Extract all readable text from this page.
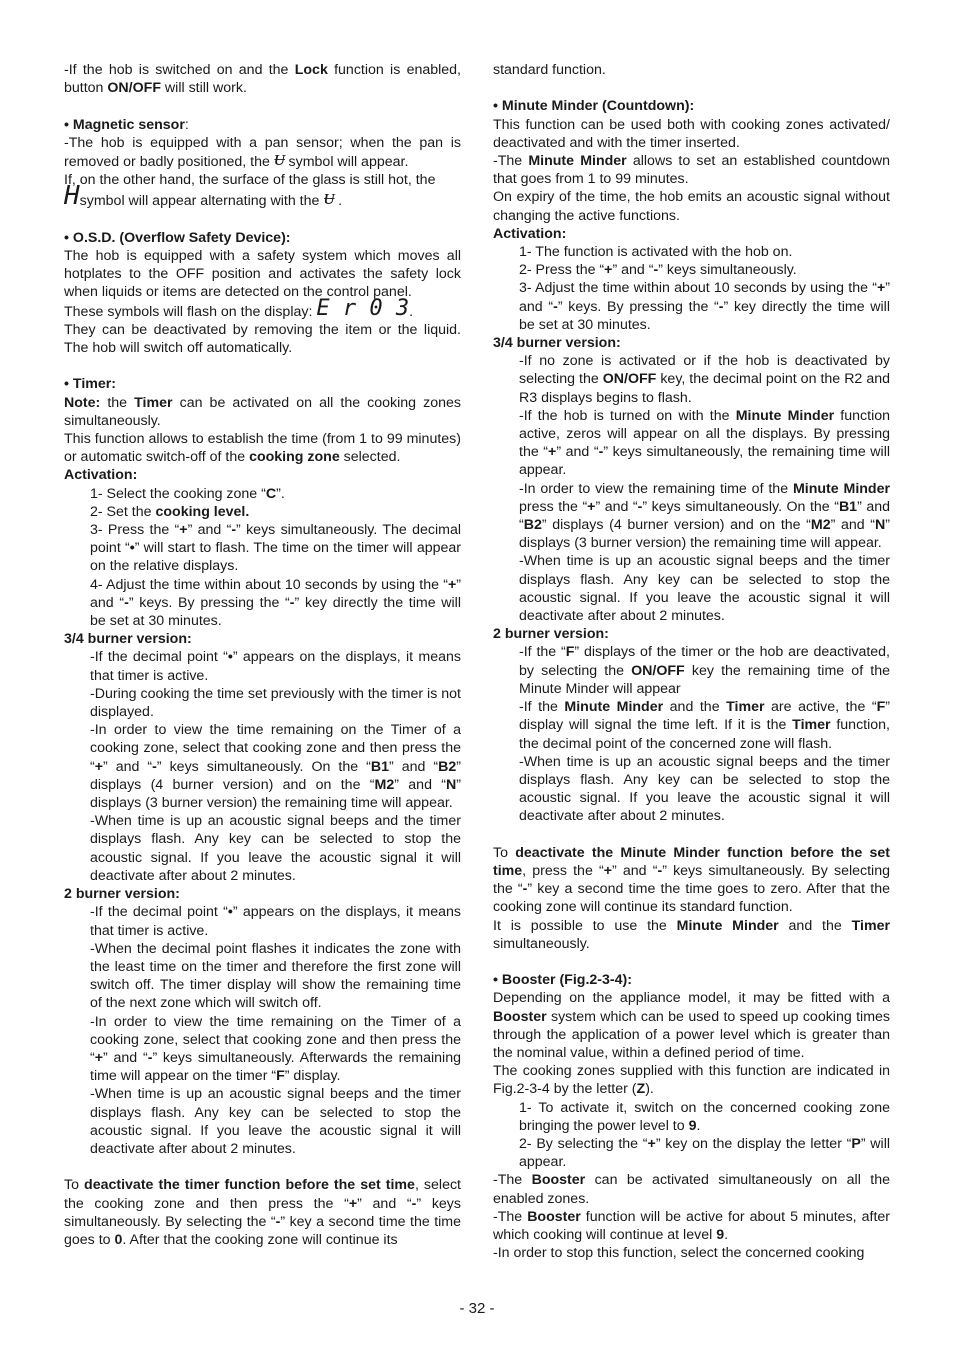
-If the hob is switched on and the Lock function is enabled, button ON/OFF will still work.

• Magnetic sensor:

-The hob is equipped with a pan sensor; when the pan is removed or badly positioned, the ᵾ symbol will appear.

If, on the other hand, the surface of the glass is still hot, the
Hsymbol will appear alternating with the ᵾ .

• O.S.D. (Overflow Safety Device):

The hob is equipped with a safety system which moves all hotplates to the OFF position and activates the safety lock when liquids or items are detected on the control panel.

These symbols will flash on the display: E r 0 3.

They can be deactivated by removing the item or the liquid. The hob will switch off automatically.

• Timer:

Note: the Timer can be activated on all the cooking zones simultaneously.

This function allows to establish the time (from 1 to 99 minutes) or automatic switch-off of the cooking zone selected.

Activation:

1- Select the cooking zone “C”.

2- Set the cooking level.

3- Press the “+” and “-” keys simultaneously. The decimal point “•” will start to flash. The time on the timer will appear on the relative displays.

4- Adjust the time within about 10 seconds by using the “+” and “-” keys. By pressing the “-” key directly the time will be set at 30 minutes.

3/4 burner version:

-If the decimal point “•” appears on the displays, it means that timer is active.

-During cooking the time set previously with the timer is not displayed.

-In order to view the time remaining on the Timer of a cooking zone, select that cooking zone and then press the “+” and “-” keys simultaneously. On the “B1” and “B2” displays (4 burner version) and on the “M2” and “N” displays (3 burner version) the remaining time will appear.

-When time is up an acoustic signal beeps and the timer displays flash. Any key can be selected to stop the acoustic signal. If you leave the acoustic signal it will deactivate after about 2 minutes.

2 burner version:

-If the decimal point “•” appears on the displays, it means that timer is active.

-When the decimal point flashes it indicates the zone with the least time on the timer and therefore the first zone will switch off. The timer display will show the remaining time of the next zone which will switch off.

-In order to view the time remaining on the Timer of a cooking zone, select that cooking zone and then press the “+” and “-” keys simultaneously. Afterwards the remaining time will appear on the timer “F” display.

-When time is up an acoustic signal beeps and the timer displays flash. Any key can be selected to stop the acoustic signal. If you leave the acoustic signal it will deactivate after about 2 minutes.

To deactivate the timer function before the set time, select the cooking zone and then press the “+” and “-” keys simultaneously. By selecting the “-” key a second time the time goes to 0. After that the cooking zone will continue its

standard function.

• Minute Minder (Countdown):

This function can be used both with cooking zones activated/ deactivated and with the timer inserted.

-The Minute Minder allows to set an established countdown that goes from 1 to 99 minutes.

On expiry of the time, the hob emits an acoustic signal without changing the active functions.

Activation:

1- The function is activated with the hob on.

2- Press the “+” and “-” keys simultaneously.

3- Adjust the time within about 10 seconds by using the “+” and “-” keys. By pressing the “-” key directly the time will be set at 30 minutes.

3/4 burner version:

-If no zone is activated or if the hob is deactivated by selecting the ON/OFF key, the decimal point on the R2 and R3 displays begins to flash.

-If the hob is turned on with the Minute Minder function active, zeros will appear on all the displays. By pressing the “+” and “-” keys simultaneously, the remaining time will appear.

-In order to view the remaining time of the Minute Minder press the “+” and “-” keys simultaneously. On the “B1” and “B2” displays (4 burner version) and on the “M2” and “N” displays (3 burner version) the remaining time will appear.

-When time is up an acoustic signal beeps and the timer displays flash. Any key can be selected to stop the acoustic signal. If you leave the acoustic signal it will deactivate after about 2 minutes.

2 burner version:

-If the “F” displays of the timer or the hob are deactivated, by selecting the ON/OFF key the remaining time of the Minute Minder will appear

-If the Minute Minder and the Timer are active, the “F” display will signal the time left. If it is the Timer function, the decimal point of the concerned zone will flash.

-When time is up an acoustic signal beeps and the timer displays flash. Any key can be selected to stop the acoustic signal. If you leave the acoustic signal it will deactivate after about 2 minutes.

To deactivate the Minute Minder function before the set time, press the “+” and “-” keys simultaneously. By selecting the “-” key a second time the time goes to zero. After that the cooking zone will continue its standard function.

It is possible to use the Minute Minder and the Timer simultaneously.

• Booster (Fig.2-3-4):

Depending on the appliance model, it may be fitted with a Booster system which can be used to speed up cooking times through the application of a power level which is greater than the nominal value, within a defined period of time.

The cooking zones supplied with this function are indicated in Fig.2-3-4 by the letter (Z).

1- To activate it, switch on the concerned cooking zone bringing the power level to 9.

2- By selecting the “+” key on the display the letter “P” will appear.

-The Booster can be activated simultaneously on all the enabled zones.

-The Booster function will be active for about 5 minutes, after which cooking will continue at level 9.

-In order to stop this function, select the concerned cooking

- 32 -
